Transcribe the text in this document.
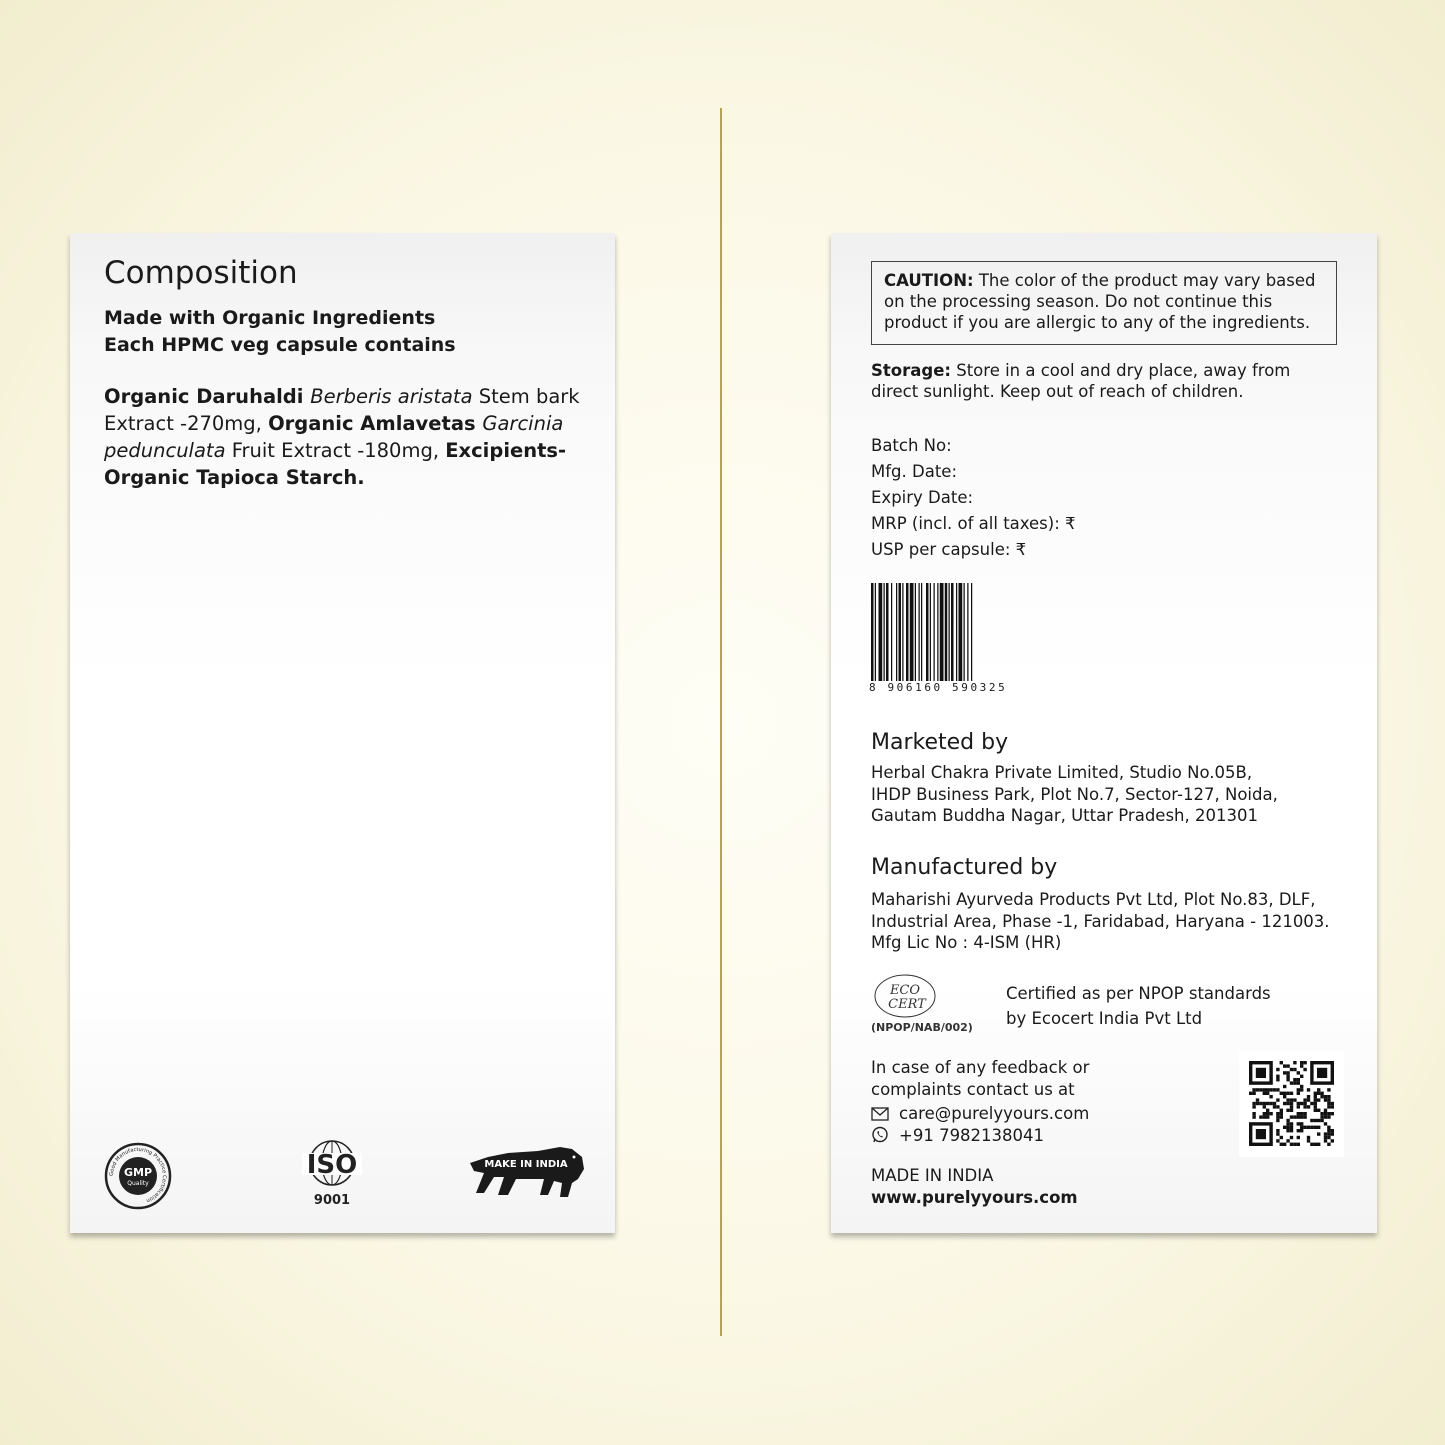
Composition
Made with Organic Ingredients
Each HPMC veg capsule contains
Organic Daruhaldi Berberis aristata Stem bark Extract -270mg, Organic Amlavetas Garcinia pedunculata Fruit Extract -180mg, Excipients- Organic Tapioca Starch.
Good Manufacturing Practice Certification
GMP
Quality
ISO
9001
MAKE IN INDIA
CAUTION: The color of the product may vary based on the processing season. Do not continue this product if you are allergic to any of the ingredients.
Storage: Store in a cool and dry place, away from direct sunlight. Keep out of reach of children.
Batch No:
Mfg. Date:
Expiry Date:
MRP (incl. of all taxes): ₹
USP per capsule: ₹
8 906160 590325
Marketed by
Herbal Chakra Private Limited, Studio No.05B,
IHDP Business Park, Plot No.7, Sector-127, Noida,
Gautam Buddha Nagar, Uttar Pradesh, 201301
Manufactured by
Maharishi Ayurveda Products Pvt Ltd, Plot No.83, DLF,
Industrial Area, Phase -1, Faridabad, Haryana - 121003.
Mfg Lic No : 4-ISM (HR)
ECO
CERT
(NPOP/NAB/002)
Certified as per NPOP standards
by Ecocert India Pvt Ltd
In case of any feedback or
complaints contact us at
care@purelyyours.com
+91 7982138041
MADE IN INDIA
www.purelyyours.com
